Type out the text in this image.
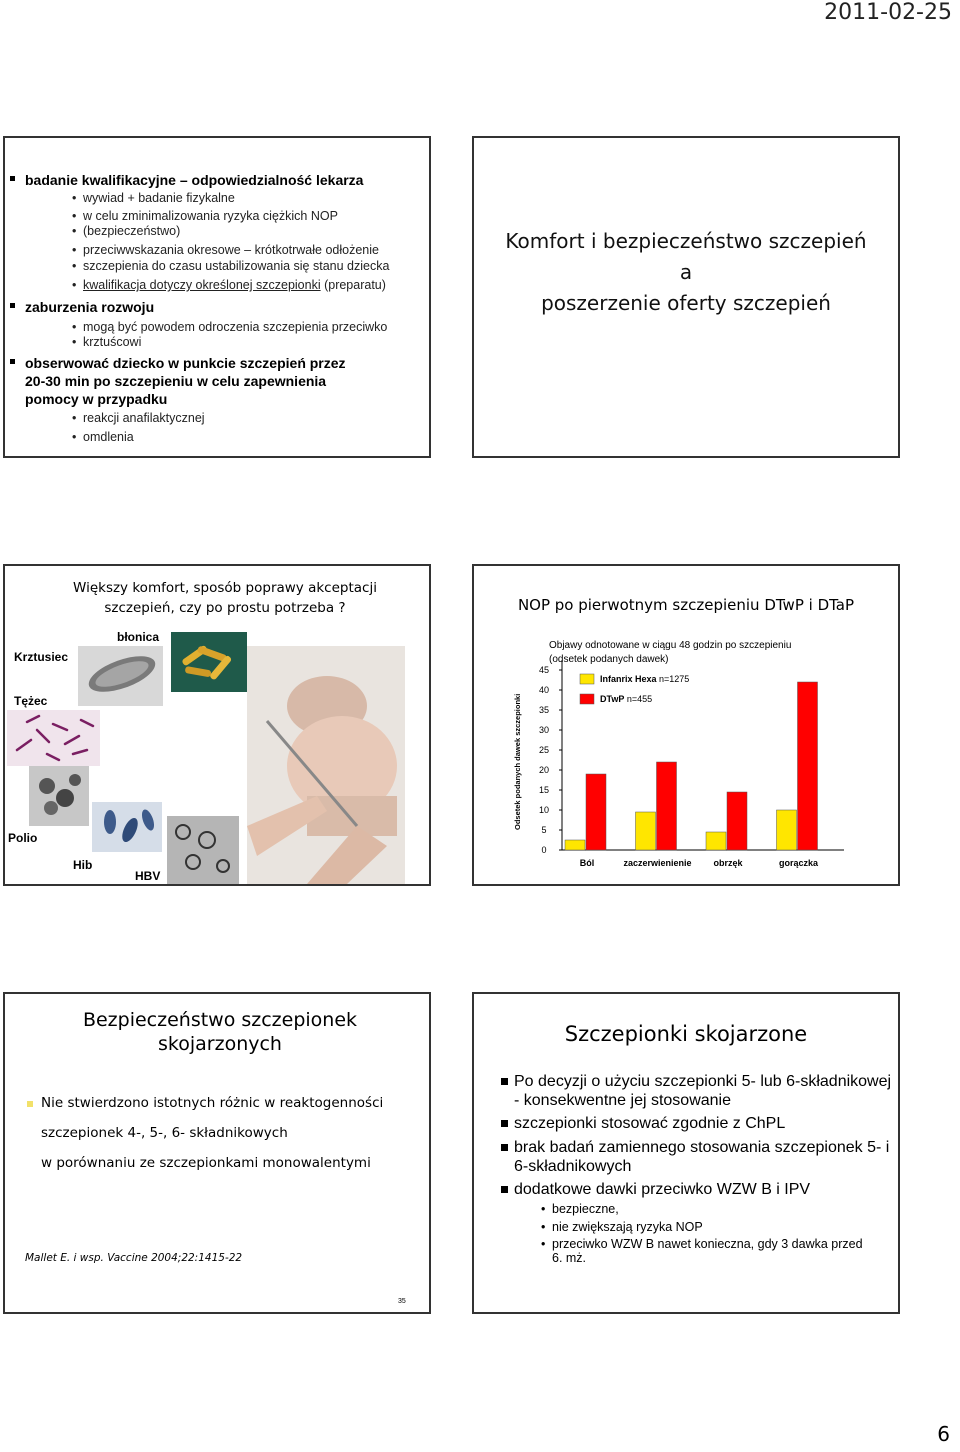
2011-02-25
badanie kwalifikacyjne – odpowiedzialność lekarza
• wywiad + badanie fizykalne
• w celu zminimalizowania ryzyka ciężkich NOP
• (bezpieczeństwo)
• przeciwwskazania okresowe – krótkotrwałe odłożenie
• szczepienia do czasu ustabilizowania się stanu dziecka
• kwalifikacja dotyczy określonej szczepionki (preparatu)
zaburzenia rozwoju
• mogą być powodem odroczenia szczepienia przeciwko
• krztuścowi
obserwować dziecko w punkcie szczepień przez
20-30 min po szczepieniu w celu zapewnienia
pomocy w przypadku
• reakcji anafilaktycznej
• omdlenia
Komfort i bezpieczeństwo szczepień
a
poszerzenie oferty szczepień
Większy komfort, sposób poprawy akceptacji
szczepień, czy po prostu potrzeba ?
Krztusiec
błonica
Tężec
Polio
Hib
HBV
NOP po pierwotnym szczepieniu DTwP i DTaP
Objawy odnotowane w ciągu 48 godzin po szczepieniu
(odsetek podanych dawek)
Odsetek podanych dawek szczepionki
0
5
10
15
20
25
30
35
40
45
Ból	zaczerwienienie obrzęk	gorączka
Infanrix Hexa n=1275
DTwP n=455
Bezpieczeństwo szczepionek
skojarzonych
Nie stwierdzono istotnych różnic w reaktogenności
szczepionek 4-, 5-, 6- składnikowych
w porównaniu ze szczepionkami monowalentymi
Mallet E. i wsp. Vaccine 2004;22:1415-22
35
Szczepionki skojarzone
Po decyzji o użyciu szczepionki 5- lub 6-składnikowej - konsekwentne jej stosowanie
szczepionki stosować zgodnie z ChPL
brak badań zamiennego stosowania szczepionek 5- i 6-składnikowych
dodatkowe dawki przeciwko WZW B i IPV
• bezpieczne,
• nie zwiększają ryzyka NOP
• przeciwko WZW B nawet konieczna, gdy 3 dawka przed 6. mż.
6
